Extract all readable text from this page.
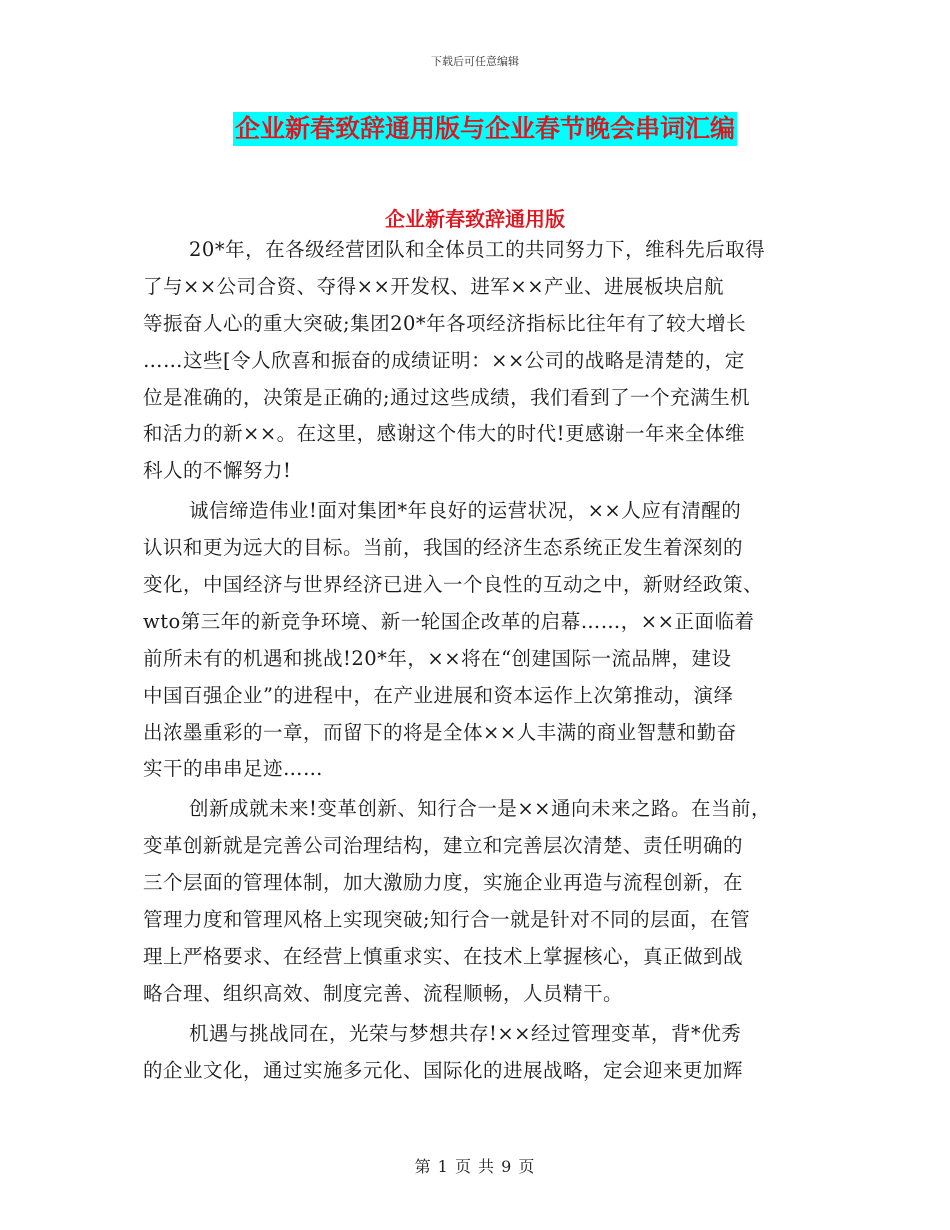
下载后可任意编辑
企业新春致辞通用版与企业春节晚会串词汇编
企业新春致辞通用版
20*年，在各级经营团队和全体员工的共同努力下，维科先后取得
了与××公司合资、夺得××开发权、进军××产业、进展板块启航
等振奋人心的重大突破;集团20*年各项经济指标比往年有了较大增长
……这些[令人欣喜和振奋的成绩证明：××公司的战略是清楚的，定
位是准确的，决策是正确的;通过这些成绩，我们看到了一个充满生机
和活力的新××。在这里，感谢这个伟大的时代!更感谢一年来全体维
科人的不懈努力!
诚信缔造伟业!面对集团*年良好的运营状况，××人应有清醒的
认识和更为远大的目标。当前，我国的经济生态系统正发生着深刻的
变化，中国经济与世界经济已进入一个良性的互动之中，新财经政策、
wto第三年的新竞争环境、新一轮国企改革的启幕……，××正面临着
前所未有的机遇和挑战!20*年，××将在“创建国际一流品牌，建设
中国百强企业”的进程中，在产业进展和资本运作上次第推动，演绎
出浓墨重彩的一章，而留下的将是全体××人丰满的商业智慧和勤奋
实干的串串足迹……
创新成就未来!变革创新、知行合一是××通向未来之路。在当前，
变革创新就是完善公司治理结构，建立和完善层次清楚、责任明确的
三个层面的管理体制，加大激励力度，实施企业再造与流程创新，在
管理力度和管理风格上实现突破;知行合一就是针对不同的层面，在管
理上严格要求、在经营上慎重求实、在技术上掌握核心，真正做到战
略合理、组织高效、制度完善、流程顺畅，人员精干。
机遇与挑战同在，光荣与梦想共存!××经过管理变革，背*优秀
的企业文化，通过实施多元化、国际化的进展战略，定会迎来更加辉
第 1 页 共 9 页
